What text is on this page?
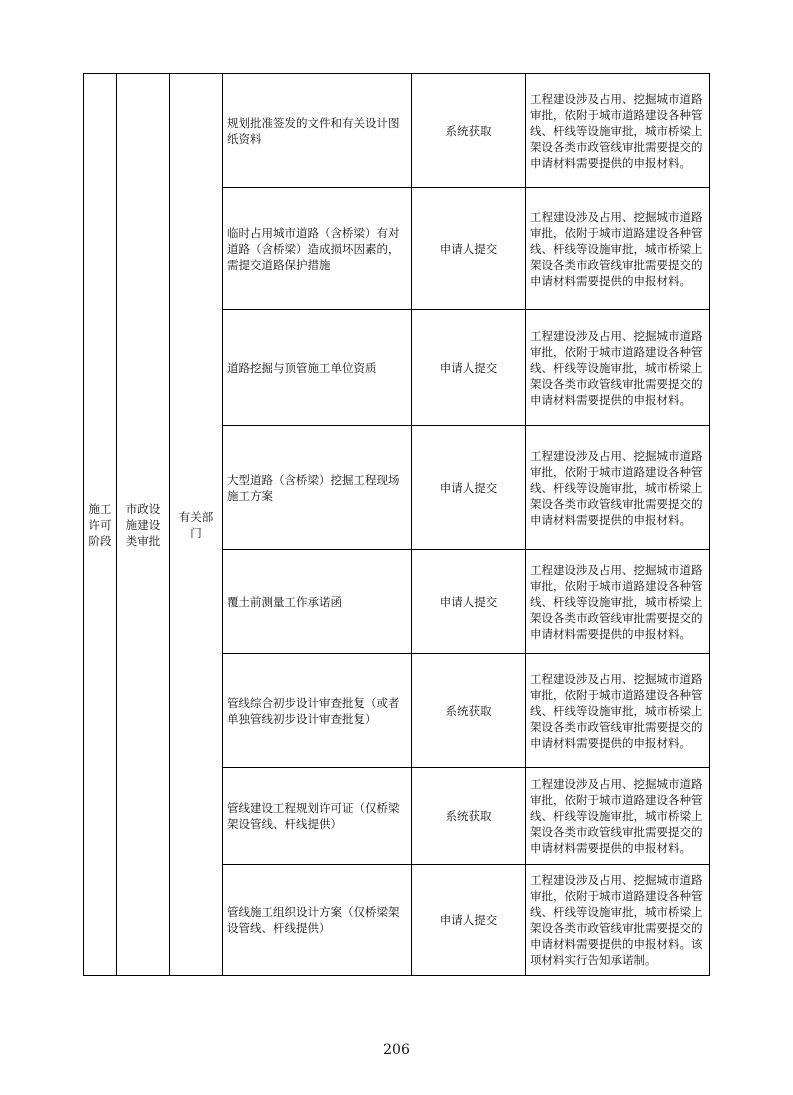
施工许可阶段	市政设施建设类审批	有关部门	规划批准签发的文件和有关设计图纸资料	系统获取	工程建设涉及占用、挖掘城市道路审批，依附于城市道路建设各种管线、杆线等设施审批，城市桥梁上架设各类市政管线审批需要提交的申请材料需要提供的申报材料。
			临时占用城市道路（含桥梁）有对道路（含桥梁）造成损坏因素的，需提交道路保护措施	申请人提交	工程建设涉及占用、挖掘城市道路审批，依附于城市道路建设各种管线、杆线等设施审批，城市桥梁上架设各类市政管线审批需要提交的申请材料需要提供的申报材料。
			道路挖掘与顶管施工单位资质	申请人提交	工程建设涉及占用、挖掘城市道路审批，依附于城市道路建设各种管线、杆线等设施审批，城市桥梁上架设各类市政管线审批需要提交的申请材料需要提供的申报材料。
			大型道路（含桥梁）挖掘工程现场施工方案	申请人提交	工程建设涉及占用、挖掘城市道路审批，依附于城市道路建设各种管线、杆线等设施审批，城市桥梁上架设各类市政管线审批需要提交的申请材料需要提供的申报材料。
			覆土前测量工作承诺函	申请人提交	工程建设涉及占用、挖掘城市道路审批，依附于城市道路建设各种管线、杆线等设施审批，城市桥梁上架设各类市政管线审批需要提交的申请材料需要提供的申报材料。
			管线综合初步设计审查批复（或者单独管线初步设计审查批复）	系统获取	工程建设涉及占用、挖掘城市道路审批，依附于城市道路建设各种管线、杆线等设施审批，城市桥梁上架设各类市政管线审批需要提交的申请材料需要提供的申报材料。
			管线建设工程规划许可证（仅桥梁架设管线、杆线提供）	系统获取	工程建设涉及占用、挖掘城市道路审批，依附于城市道路建设各种管线、杆线等设施审批，城市桥梁上架设各类市政管线审批需要提交的申请材料需要提供的申报材料。
			管线施工组织设计方案（仅桥梁架设管线、杆线提供）	申请人提交	工程建设涉及占用、挖掘城市道路审批，依附于城市道路建设各种管线、杆线等设施审批，城市桥梁上架设各类市政管线审批需要提交的申请材料需要提供的申报材料。该项材料实行告知承诺制。
206
